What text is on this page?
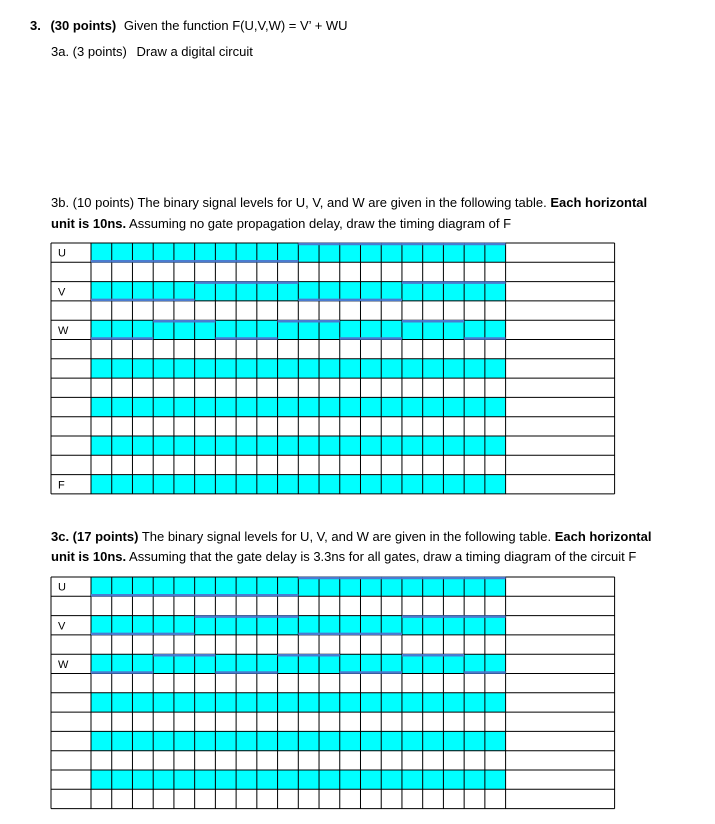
3. (30 points) Given the function F(U,V,W) = V’ + WU
3a. (3 points) Draw a digital circuit
3b. (10 points) The binary signal levels for U, V, and W are given in the following table. Each horizontal
unit is 10ns. Assuming no gate propagation delay, draw the timing diagram of F
U
V
W
F
3c. (17 points) The binary signal levels for U, V, and W are given in the following table. Each horizontal
unit is 10ns. Assuming that the gate delay is 3.3ns for all gates, draw a timing diagram of the circuit F
U
V
W
